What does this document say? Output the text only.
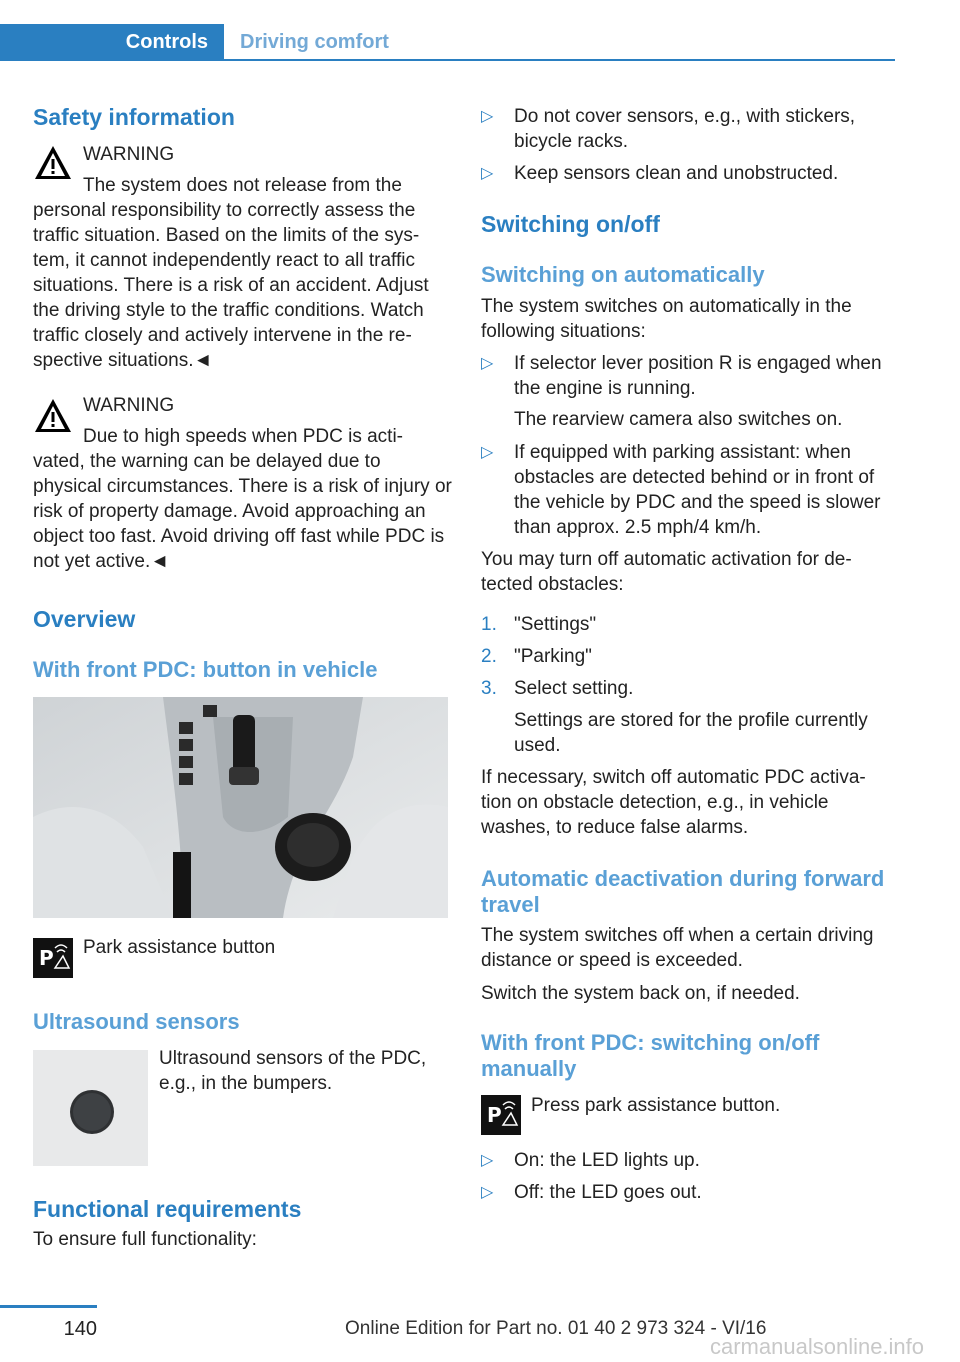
Controls	Driving comfort
Safety information
WARNING
The system does not release from the
personal responsibility to correctly assess the traffic situation. Based on the limits of the sys-tem, it cannot independently react to all traffic situations. There is a risk of an accident. Adjust the driving style to the traffic conditions. Watch traffic closely and actively intervene in the re-spective situations.◄
WARNING
Due to high speeds when PDC is acti-
vated, the warning can be delayed due to physical circumstances. There is a risk of injury or risk of property damage. Avoid approaching an object too fast. Avoid driving off fast while PDC is not yet active.◄
Overview
With front PDC: button in vehicle
P Park assistance button
Ultrasound sensors
Ultrasound sensors of the PDC, e.g., in the bumpers.
Functional requirements
To ensure full functionality:
▷ Do not cover sensors, e.g., with stickers, bicycle racks.
▷ Keep sensors clean and unobstructed.
Switching on/off
Switching on automatically
The system switches on automatically in the following situations:
▷ If selector lever position R is engaged when the engine is running.
The rearview camera also switches on.
▷ If equipped with parking assistant: when obstacles are detected behind or in front of the vehicle by PDC and the speed is slower than approx. 2.5 mph/4 km/h.
You may turn off automatic activation for de-tected obstacles:
1. "Settings"
2. "Parking"
3. Select setting.
Settings are stored for the profile currently used.
If necessary, switch off automatic PDC activa-tion on obstacle detection, e.g., in vehicle washes, to reduce false alarms.
Automatic deactivation during forward travel
The system switches off when a certain driving distance or speed is exceeded.
Switch the system back on, if needed.
With front PDC: switching on/off manually
P Press park assistance button.
▷ On: the LED lights up.
▷ Off: the LED goes out.
140	Online Edition for Part no. 01 40 2 973 324 - VI/16
carmanualsonline.info
